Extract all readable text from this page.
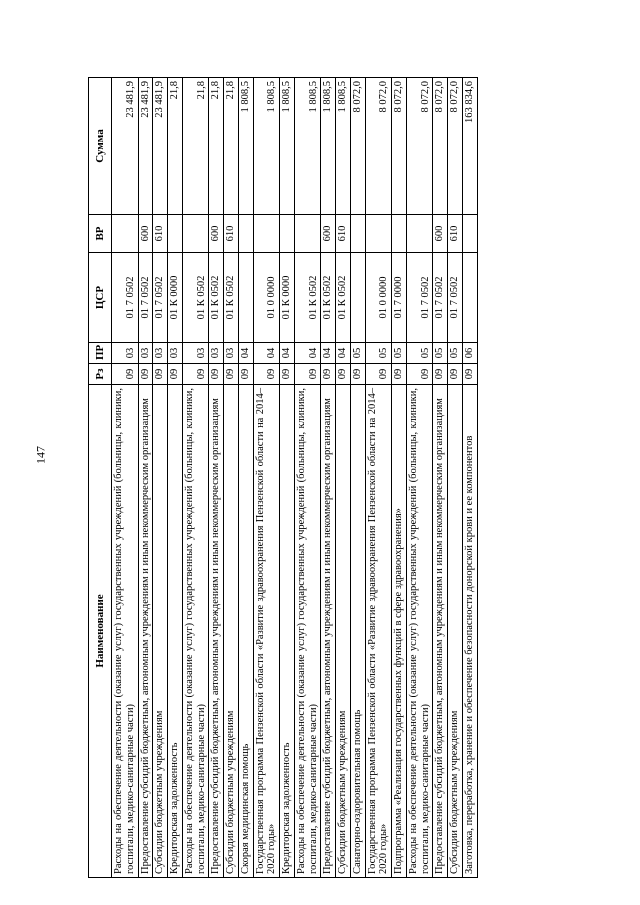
147
Наименование	Рз	ПР	ЦСР	ВР	Сумма
Расходы на обеспечение деятельности (оказание услуг) государственных учреждений (больницы, клиники, госпитали, медико-санитарные части)	09	03	01 7 0502		23 481,9
Предоставление субсидий бюджетным, автономным учреждениям и иным некоммерческим организациям	09	03	01 7 0502	600	23 481,9
Субсидии бюджетным учреждениям	09	03	01 7 0502	610	23 481,9
Кредиторская задолженность	09	03	01 К 0000		21,8
Расходы на обеспечение деятельности (оказание услуг) государственных учреждений (больницы, клиники, госпитали, медико-санитарные части)	09	03	01 К 0502		21,8
Предоставление субсидий бюджетным, автономным учреждениям и иным некоммерческим организациям	09	03	01 К 0502	600	21,8
Субсидии бюджетным учреждениям	09	03	01 К 0502	610	21,8
Скорая медицинская помощь	09	04			1 808,5
Государственная программа Пензенской области «Развитие здравоохранения Пензенской области на 2014–2020 годы»	09	04	01 0 0000		1 808,5
Кредиторская задолженность	09	04	01 К 0000		1 808,5
Расходы на обеспечение деятельности (оказание услуг) государственных учреждений (больницы, клиники, госпитали, медико-санитарные части)	09	04	01 К 0502		1 808,5
Предоставление субсидий бюджетным, автономным учреждениям и иным некоммерческим организациям	09	04	01 К 0502	600	1 808,5
Субсидии бюджетным учреждениям	09	04	01 К 0502	610	1 808,5
Санаторно-оздоровительная помощь	09	05			8 072,0
Государственная программа Пензенской области «Развитие здравоохранения Пензенской области на 2014–2020 годы»	09	05	01 0 0000		8 072,0
Подпрограмма «Реализация государственных функций в сфере здравоохранения»	09	05	01 7 0000		8 072,0
Расходы на обеспечение деятельности (оказание услуг) государственных учреждений (больницы, клиники, госпитали, медико-санитарные части)	09	05	01 7 0502		8 072,0
Предоставление субсидий бюджетным, автономным учреждениям и иным некоммерческим организациям	09	05	01 7 0502	600	8 072,0
Субсидии бюджетным учреждениям	09	05	01 7 0502	610	8 072,0
Заготовка, переработка, хранение и обеспечение безопасности донорской крови и ее компонентов	09	06			163 834,6
